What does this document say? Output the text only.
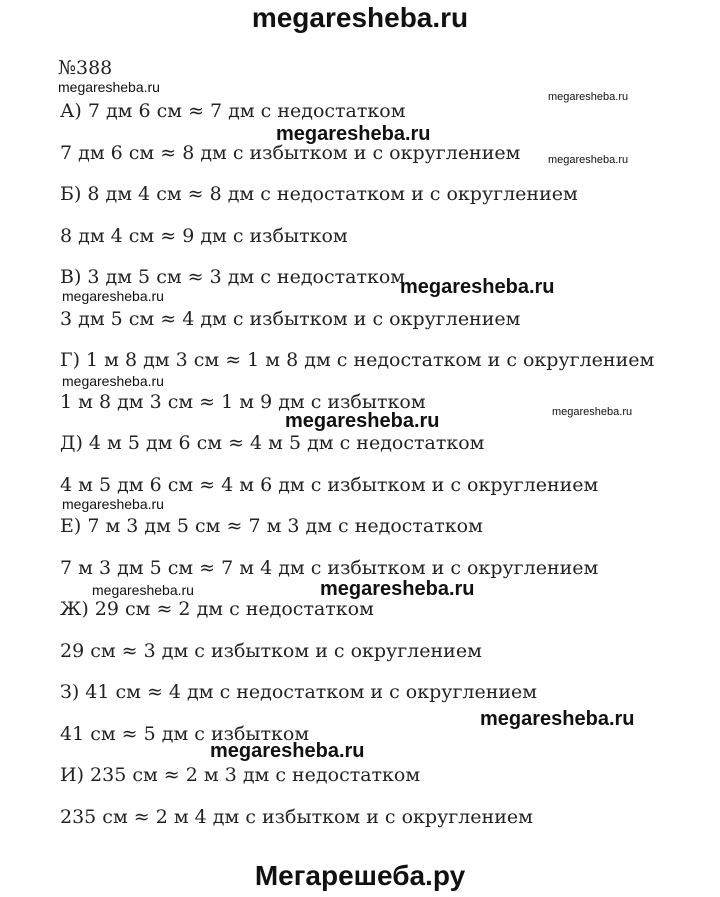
megaresheba.ru
№388
А) 7 дм 6 см ≈ 7 дм с недостатком
7 дм 6 см ≈ 8 дм с избытком и с округлением
Б) 8 дм 4 см ≈ 8 дм с недостатком и с округлением
8 дм 4 см ≈ 9 дм с избытком
В) 3 дм 5 см ≈ 3 дм с недостатком
3 дм 5 см ≈ 4 дм с избытком и с округлением
Г) 1 м 8 дм 3 см ≈ 1 м 8 дм с недостатком и с округлением
1 м 8 дм 3 см ≈ 1 м 9 дм с избытком
Д) 4 м 5 дм 6 см ≈ 4 м 5 дм с недостатком
4 м 5 дм 6 см ≈ 4 м 6 дм с избытком и с округлением
Е) 7 м 3 дм 5 см ≈ 7 м 3 дм с недостатком
7 м 3 дм 5 см ≈ 7 м 4 дм с избытком и с округлением
Ж) 29 см ≈ 2 дм с недостатком
29 см ≈ 3 дм с избытком и с округлением
З) 41 см ≈ 4 дм с недостатком и с округлением
41 см ≈ 5 дм с избытком
И) 235 см ≈ 2 м 3 дм с недостатком
235 см ≈ 2 м 4 дм с избытком и с округлением
megaresheba.ru
megaresheba.ru
megaresheba.ru
megaresheba.ru
megaresheba.ru	megaresheba.ru
megaresheba.ru
megaresheba.ru	megaresheba.ru
megaresheba.ru
megaresheba.ru	megaresheba.ru
megaresheba.ru
megaresheba.ru
Мегарешеба.ру
